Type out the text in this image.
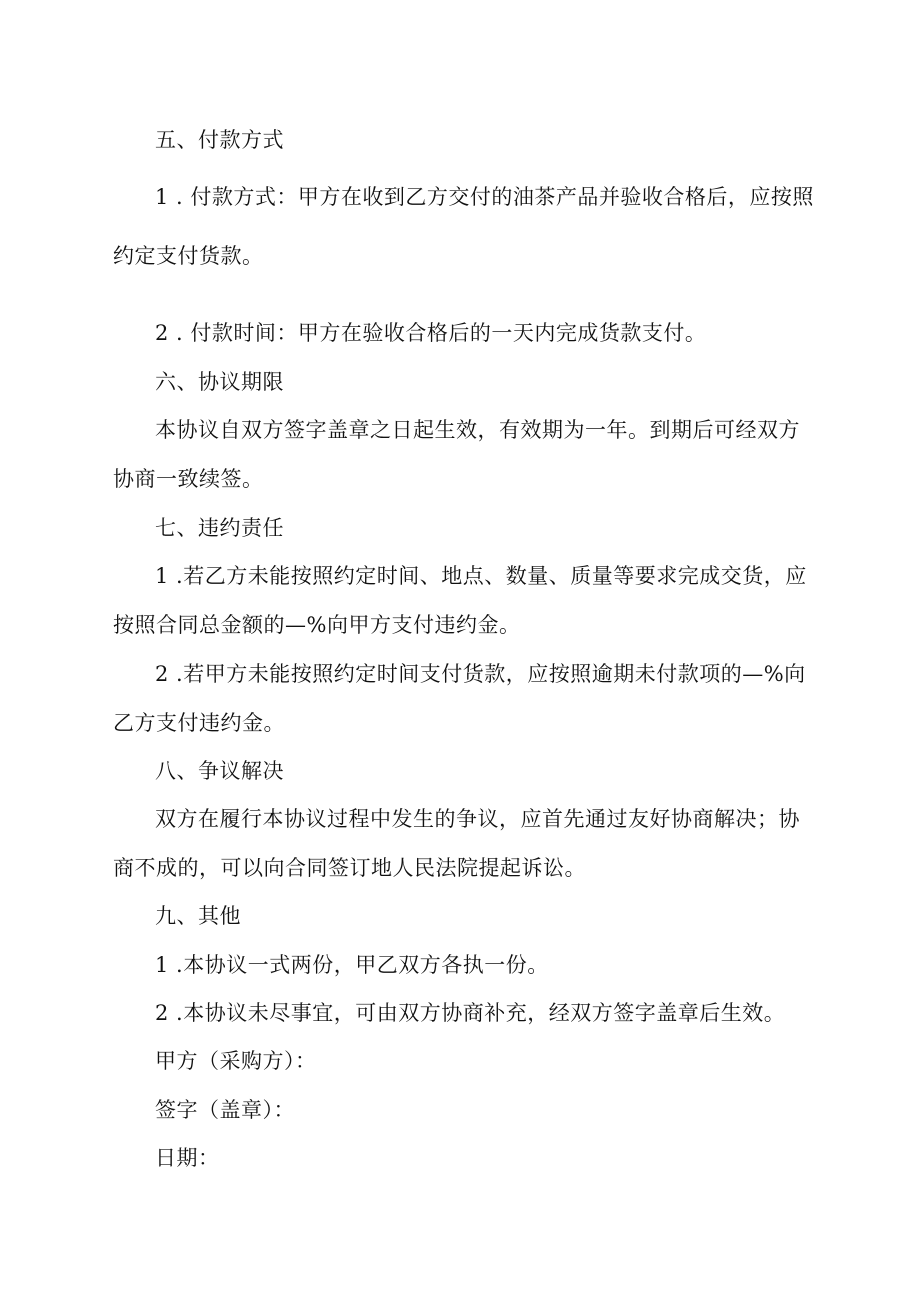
五、付款方式
1 . 付款方式：甲方在收到乙方交付的油茶产品并验收合格后，应按照
约定支付货款。
2 . 付款时间：甲方在验收合格后的一天内完成货款支付。
六、协议期限
本协议自双方签字盖章之日起生效，有效期为一年。到期后可经双方
协商一致续签。
七、违约责任
1 .若乙方未能按照约定时间、地点、数量、质量等要求完成交货，应
按照合同总金额的—%向甲方支付违约金。
2 .若甲方未能按照约定时间支付货款，应按照逾期未付款项的—%向
乙方支付违约金。
八、争议解决
双方在履行本协议过程中发生的争议，应首先通过友好协商解决；协
商不成的，可以向合同签订地人民法院提起诉讼。
九、其他
1 .本协议一式两份，甲乙双方各执一份。
2 .本协议未尽事宜，可由双方协商补充，经双方签字盖章后生效。
甲方（采购方）：
签字（盖章）：
日期：
